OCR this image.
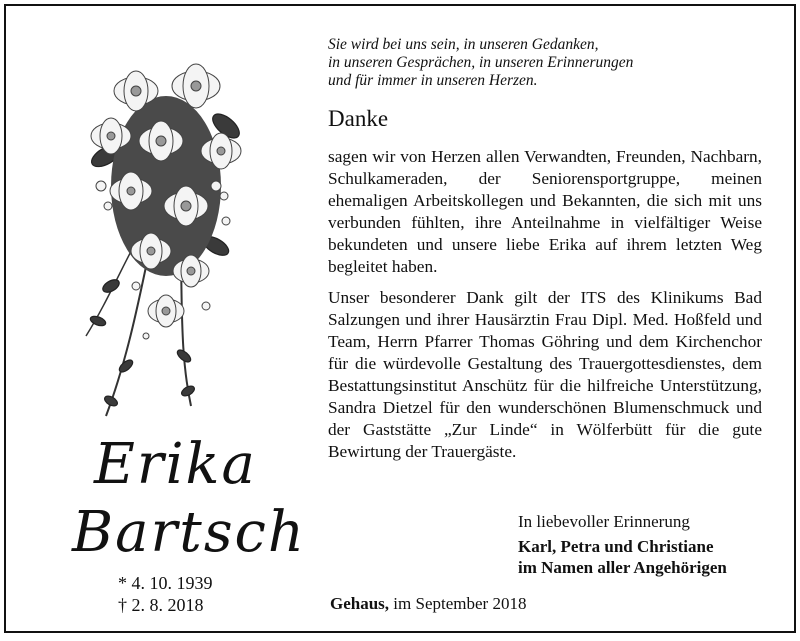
Erika
Bartsch
* 4. 10. 1939
† 2. 8. 2018
Sie wird bei uns sein, in unseren Gedanken,
in unseren Gesprächen, in unseren Erinnerungen
und für immer in unseren Herzen.
Danke
sagen wir von Herzen allen Verwandten, Freunden, Nachbarn, Schulkameraden, der Seniorensportgruppe, meinen ehemaligen Arbeitskollegen und Bekannten, die sich mit uns verbunden fühlten, ihre Anteilnahme in vielfältiger Weise bekundeten und unsere liebe Erika auf ihrem letzten Weg begleitet haben.
Unser besonderer Dank gilt der ITS des Klinikums Bad Salzungen und ihrer Hausärztin Frau Dipl. Med. Hoßfeld und Team, Herrn Pfarrer Thomas Göhring und dem Kirchenchor für die würdevolle Gestaltung des Trauergottesdienstes, dem Bestattungsinstitut Anschütz für die hilfreiche Unterstützung, Sandra Dietzel für den wunderschönen Blumenschmuck und der Gaststätte „Zur Linde“ in Wölferbütt für die gute Bewirtung der Trauergäste.
In liebevoller Erinnerung
Karl, Petra und Christiane
im Namen aller Angehörigen
Gehaus, im September 2018
